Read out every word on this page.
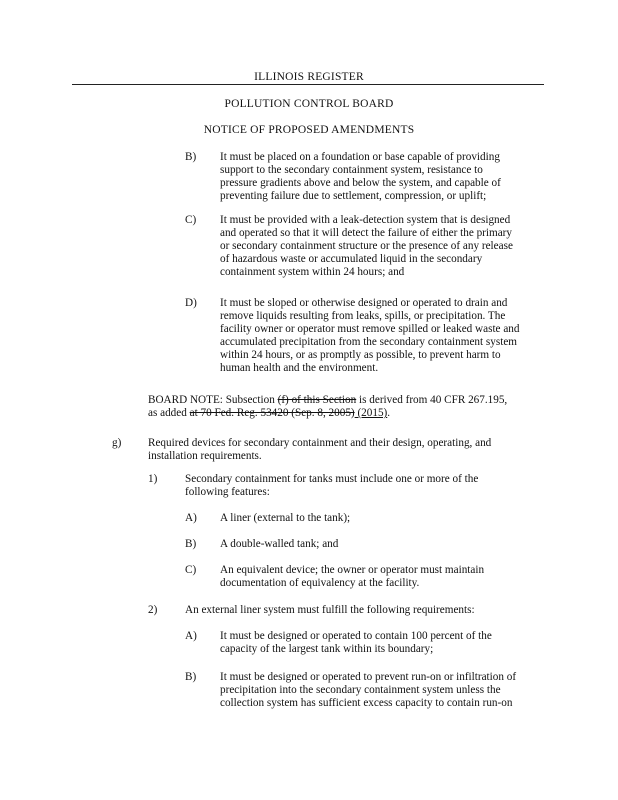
ILLINOIS REGISTER
POLLUTION CONTROL BOARD
NOTICE OF PROPOSED AMENDMENTS
B) It must be placed on a foundation or base capable of providing
support to the secondary containment system, resistance to
pressure gradients above and below the system, and capable of
preventing failure due to settlement, compression, or uplift;
C) It must be provided with a leak-detection system that is designed
and operated so that it will detect the failure of either the primary
or secondary containment structure or the presence of any release
of hazardous waste or accumulated liquid in the secondary
containment system within 24 hours; and
D) It must be sloped or otherwise designed or operated to drain and
remove liquids resulting from leaks, spills, or precipitation. The
facility owner or operator must remove spilled or leaked waste and
accumulated precipitation from the secondary containment system
within 24 hours, or as promptly as possible, to prevent harm to
human health and the environment.
BOARD NOTE: Subsection (f) of this Section is derived from 40 CFR 267.195,
as added at 70 Fed. Reg. 53420 (Sep. 8, 2005) (2015).
g) Required devices for secondary containment and their design, operating, and
installation requirements.
1) Secondary containment for tanks must include one or more of the
following features:
A) A liner (external to the tank);
B) A double-walled tank; and
C) An equivalent device; the owner or operator must maintain
documentation of equivalency at the facility.
2) An external liner system must fulfill the following requirements:
A) It must be designed or operated to contain 100 percent of the
capacity of the largest tank within its boundary;
B) It must be designed or operated to prevent run-on or infiltration of
precipitation into the secondary containment system unless the
collection system has sufficient excess capacity to contain run-on
